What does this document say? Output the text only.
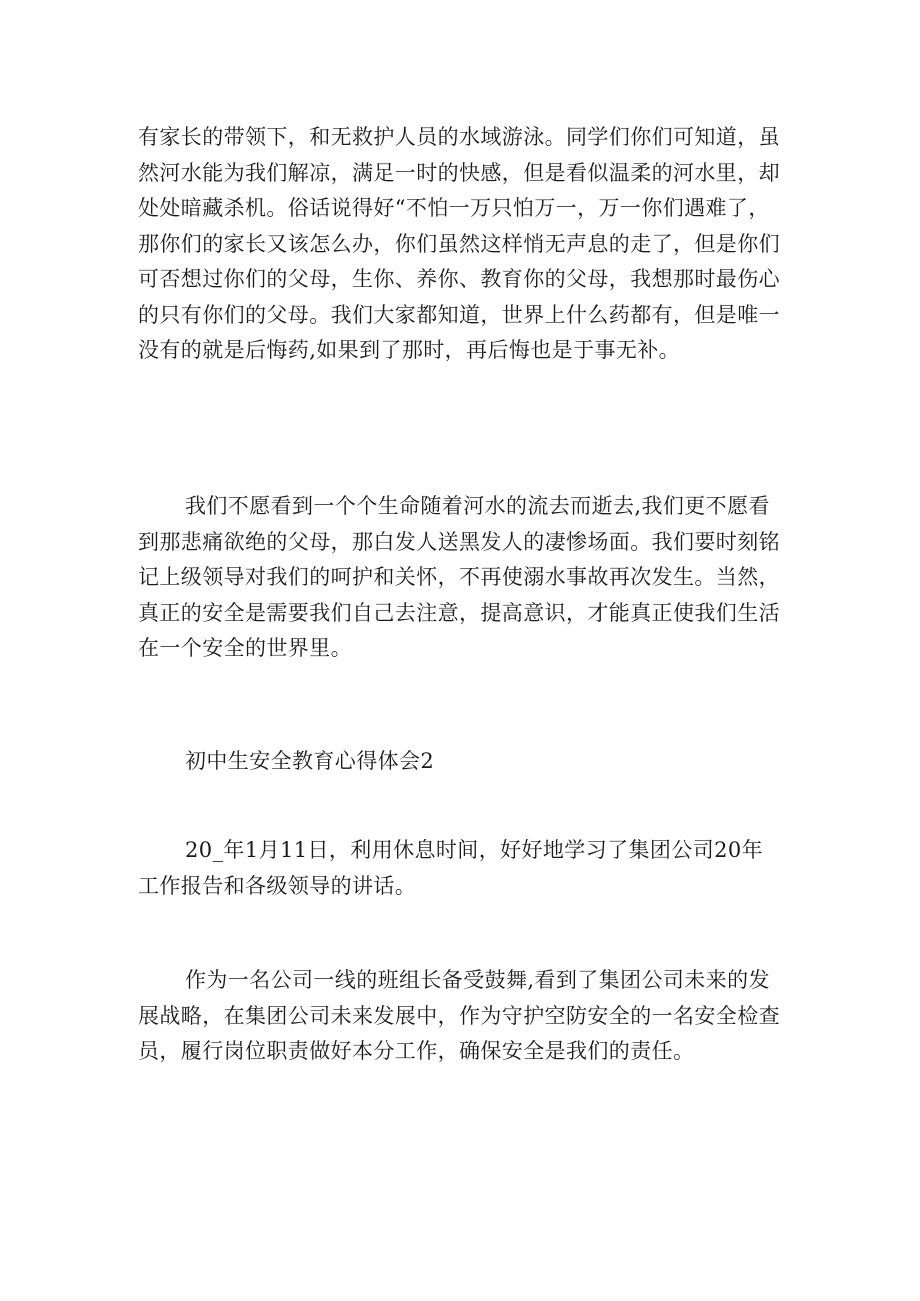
有家长的带领下，和无救护人员的水域游泳。同学们你们可知道，虽
然河水能为我们解凉，满足一时的快感，但是看似温柔的河水里，却
处处暗藏杀机。俗话说得好“不怕一万只怕万一，万一你们遇难了，
那你们的家长又该怎么办，你们虽然这样悄无声息的走了，但是你们
可否想过你们的父母，生你、养你、教育你的父母，我想那时最伤心
的只有你们的父母。我们大家都知道，世界上什么药都有，但是唯一
没有的就是后悔药,如果到了那时，再后悔也是于事无补。
我们不愿看到一个个生命随着河水的流去而逝去,我们更不愿看
到那悲痛欲绝的父母，那白发人送黑发人的凄惨场面。我们要时刻铭
记上级领导对我们的呵护和关怀，不再使溺水事故再次发生。当然，
真正的安全是需要我们自己去注意，提高意识，才能真正使我们生活
在一个安全的世界里。
初中生安全教育心得体会2
20_年1月11日，利用休息时间，好好地学习了集团公司20年
工作报告和各级领导的讲话。
作为一名公司一线的班组长备受鼓舞,看到了集团公司未来的发
展战略，在集团公司未来发展中，作为守护空防安全的一名安全检查
员，履行岗位职责做好本分工作，确保安全是我们的责任。
